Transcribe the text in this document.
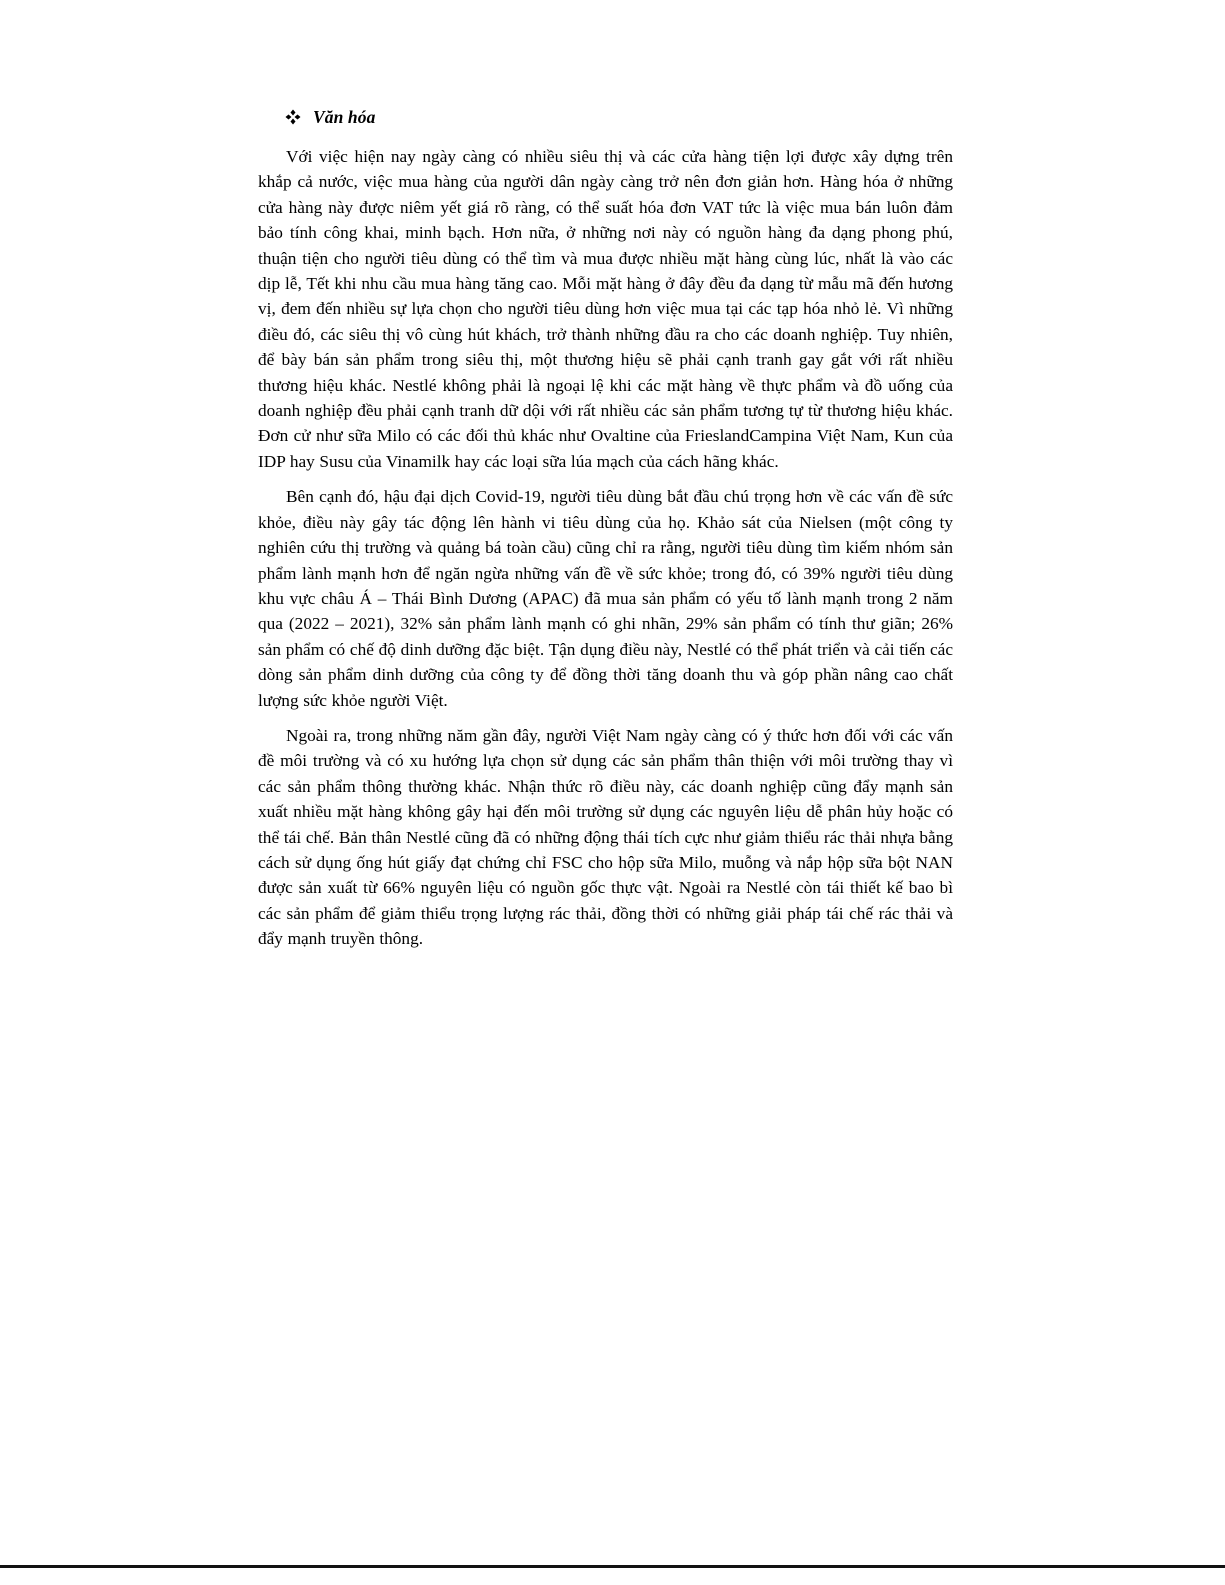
Văn hóa

Với việc hiện nay ngày càng có nhiều siêu thị và các cửa hàng tiện lợi được xây dựng trên khắp cả nước, việc mua hàng của người dân ngày càng trở nên đơn giản hơn. Hàng hóa ở những cửa hàng này được niêm yết giá rõ ràng, có thể suất hóa đơn VAT tức là việc mua bán luôn đảm bảo tính công khai, minh bạch. Hơn nữa, ở những nơi này có nguồn hàng đa dạng phong phú, thuận tiện cho người tiêu dùng có thể tìm và mua được nhiều mặt hàng cùng lúc, nhất là vào các dịp lễ, Tết khi nhu cầu mua hàng tăng cao. Mỗi mặt hàng ở đây đều đa dạng từ mẫu mã đến hương vị, đem đến nhiều sự lựa chọn cho người tiêu dùng hơn việc mua tại các tạp hóa nhỏ lẻ. Vì những điều đó, các siêu thị vô cùng hút khách, trở thành những đầu ra cho các doanh nghiệp. Tuy nhiên, để bày bán sản phẩm trong siêu thị, một thương hiệu sẽ phải cạnh tranh gay gắt với rất nhiều thương hiệu khác. Nestlé không phải là ngoại lệ khi các mặt hàng về thực phẩm và đồ uống của doanh nghiệp đều phải cạnh tranh dữ dội với rất nhiều các sản phẩm tương tự từ thương hiệu khác. Đơn cử như sữa Milo có các đối thủ khác như Ovaltine của FrieslandCampina Việt Nam, Kun của IDP hay Susu của Vinamilk hay các loại sữa lúa mạch của cách hãng khác.

Bên cạnh đó, hậu đại dịch Covid-19, người tiêu dùng bắt đầu chú trọng hơn về các vấn đề sức khỏe, điều này gây tác động lên hành vi tiêu dùng của họ. Khảo sát của Nielsen (một công ty nghiên cứu thị trường và quảng bá toàn cầu) cũng chỉ ra rằng, người tiêu dùng tìm kiếm nhóm sản phẩm lành mạnh hơn để ngăn ngừa những vấn đề về sức khỏe; trong đó, có 39% người tiêu dùng khu vực châu Á – Thái Bình Dương (APAC) đã mua sản phẩm có yếu tố lành mạnh trong 2 năm qua (2022 – 2021), 32% sản phẩm lành mạnh có ghi nhãn, 29% sản phẩm có tính thư giãn; 26% sản phẩm có chế độ dinh dưỡng đặc biệt. Tận dụng điều này, Nestlé có thể phát triển và cải tiến các dòng sản phẩm dinh dưỡng của công ty để đồng thời tăng doanh thu và góp phần nâng cao chất lượng sức khỏe người Việt.

Ngoài ra, trong những năm gần đây, người Việt Nam ngày càng có ý thức hơn đối với các vấn đề môi trường và có xu hướng lựa chọn sử dụng các sản phẩm thân thiện với môi trường thay vì các sản phẩm thông thường khác. Nhận thức rõ điều này, các doanh nghiệp cũng đẩy mạnh sản xuất nhiều mặt hàng không gây hại đến môi trường sử dụng các nguyên liệu dễ phân hủy hoặc có thể tái chế. Bản thân Nestlé cũng đã có những động thái tích cực như giảm thiểu rác thải nhựa bằng cách sử dụng ống hút giấy đạt chứng chỉ FSC cho hộp sữa Milo, muỗng và nắp hộp sữa bột NAN được sản xuất từ 66% nguyên liệu có nguồn gốc thực vật. Ngoài ra Nestlé còn tái thiết kế bao bì các sản phẩm để giảm thiểu trọng lượng rác thải, đồng thời có những giải pháp tái chế rác thải và đẩy mạnh truyền thông.
